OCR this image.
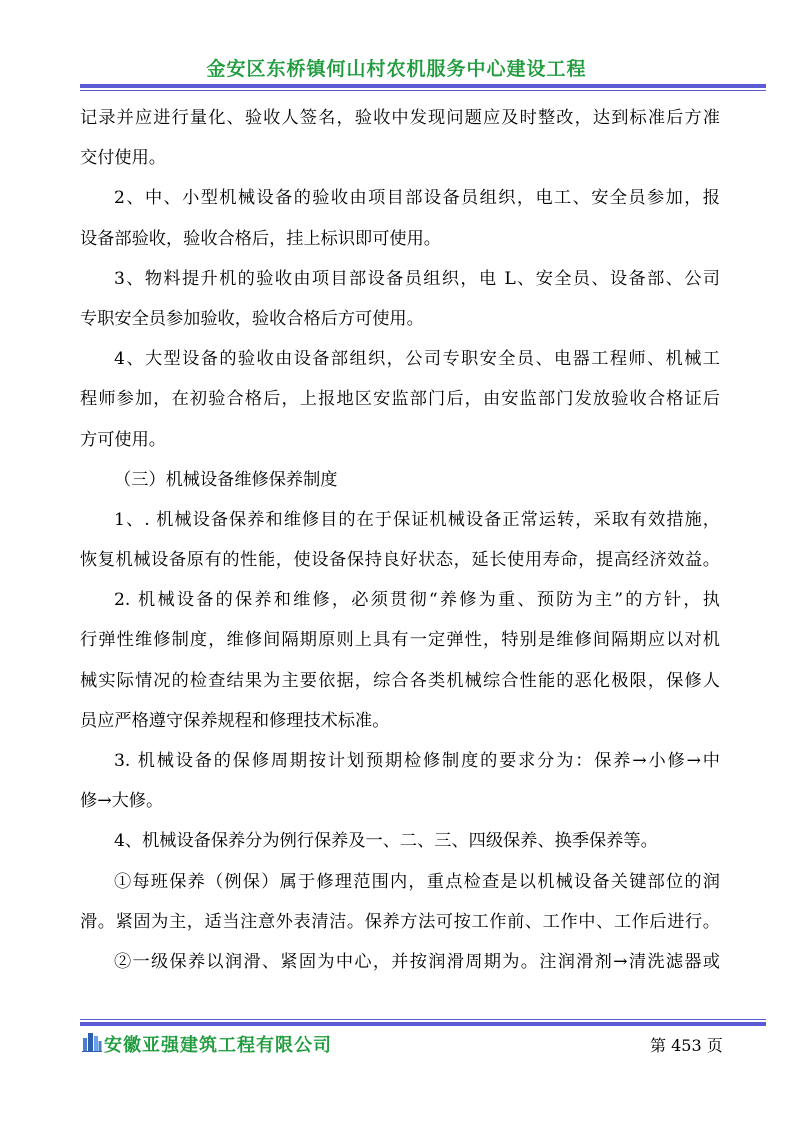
金安区东桥镇何山村农机服务中心建设工程
记录并应进行量化、验收人签名，验收中发现问题应及时整改，达到标准后方准
交付使用。
2、中、小型机械设备的验收由项目部设备员组织，电工、安全员参加，报
设备部验收，验收合格后，挂上标识即可使用。
3、物料提升机的验收由项目部设备员组织，电 L、安全员、设备部、公司
专职安全员参加验收，验收合格后方可使用。
4、大型设备的验收由设备部组织，公司专职安全员、电器工程师、机械工
程师参加，在初验合格后，上报地区安监部门后，由安监部门发放验收合格证后
方可使用。
（三）机械设备维修保养制度
1、. 机械设备保养和维修目的在于保证机械设备正常运转，采取有效措施，
恢复机械设备原有的性能，使设备保持良好状态，延长使用寿命，提高经济效益。
2. 机械设备的保养和维修，必须贯彻“养修为重、预防为主”的方针，执
行弹性维修制度，维修间隔期原则上具有一定弹性，特别是维修间隔期应以对机
械实际情况的检查结果为主要依据，综合各类机械综合性能的恶化极限，保修人
员应严格遵守保养规程和修理技术标准。
3. 机械设备的保修周期按计划预期检修制度的要求分为：保养→小修→中
修→大修。
4、机械设备保养分为例行保养及一、二、三、四级保养、换季保养等。
①每班保养（例保）属于修理范围内，重点检查是以机械设备关键部位的润
滑。紧固为主，适当注意外表清洁。保养方法可按工作前、工作中、工作后进行。
②一级保养以润滑、紧固为中心，并按润滑周期为。注润滑剂→清洗滤器或
安徽亚强建筑工程有限公司	第 453 页
